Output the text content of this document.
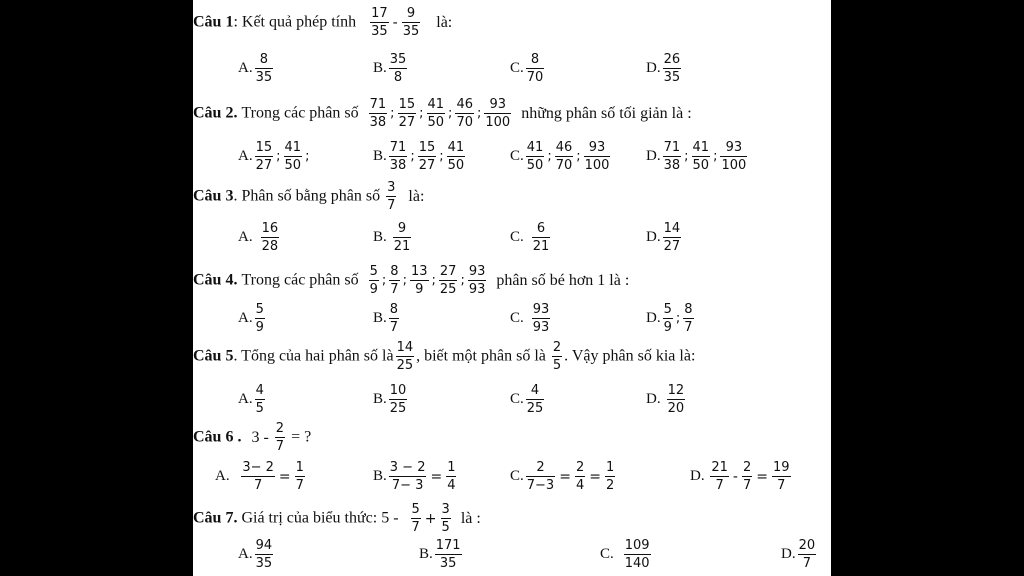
Câu 1: Kết quả phép tính $\frac{17}{35} - \frac{9}{35}$ là:
A. $\frac{8}{35}$	B. $\frac{35}{8}$	C. $\frac{8}{70}$	D. $\frac{26}{35}$
Câu 2. Trong các phân số $\frac{71}{38}$ ; $\frac{15}{27}$ ; $\frac{41}{50}$ ; $\frac{46}{70}$ ; $\frac{93}{100}$ những phân số tối giản là :
A. $\frac{15}{27}$ ; $\frac{41}{50}$ ;	B. $\frac{71}{38}$ ; $\frac{15}{27}$ ; $\frac{41}{50}$	C. $\frac{41}{50}$ ; $\frac{46}{70}$ ; $\frac{93}{100} D$. $\frac{71}{38}$ ; $\frac{41}{50}$ ; $\frac{93}{100}$
Câu 3. Phân số bằng phân số $\frac{3}{7}$ là:
A. $\frac{16}{28}$	B. $\frac{9}{21}$	C. $\frac{6}{21}$	D. $\frac{14}{27}$
Câu 4. Trong các phân số $\frac{5}{9}$ ; $\frac{8}{7}$ ; $\frac{13}{9}$ ; $\frac{27}{25}$ ; $\frac{93}{93}$ phân số bé hơn 1 là :
A. $\frac{5}{9}$	B. $\frac{8}{7}$	C. $\frac{93}{93}$	D. $\frac{5}{9}$ ; $\frac{8}{7}$
Câu 5. Tổng của hai phân số là $\frac{14}{25}$ , biết một phân số là $\frac{2}{5}$ . Vậy phân số kia là:
A. $\frac{4}{5}$	B. $\frac{10}{25}$	C. $\frac{4}{25}$	D. $\frac{12}{20}$
Câu 6 . $3 - \frac{2}{7}$ = ?
A. $\frac{3- 2}{7} = \frac{1}{7}$	B. $\frac{3 - 2}{7- 3} = \frac{1}{4}$	C. $\frac{2}{7-3} = \frac{2}{4} = \frac{1}{2}$	D. $\frac{21}{7} - \frac{2}{7} = \frac{19}{7}$
Câu 7. Giá trị của biểu thức: $5 - \frac{5}{7} + \frac{3}{5}$ là :
A. $\frac{94}{35}$	B. $\frac{171}{35}$	C. $\frac{109}{140}$	D. $\frac{20}{7}$
